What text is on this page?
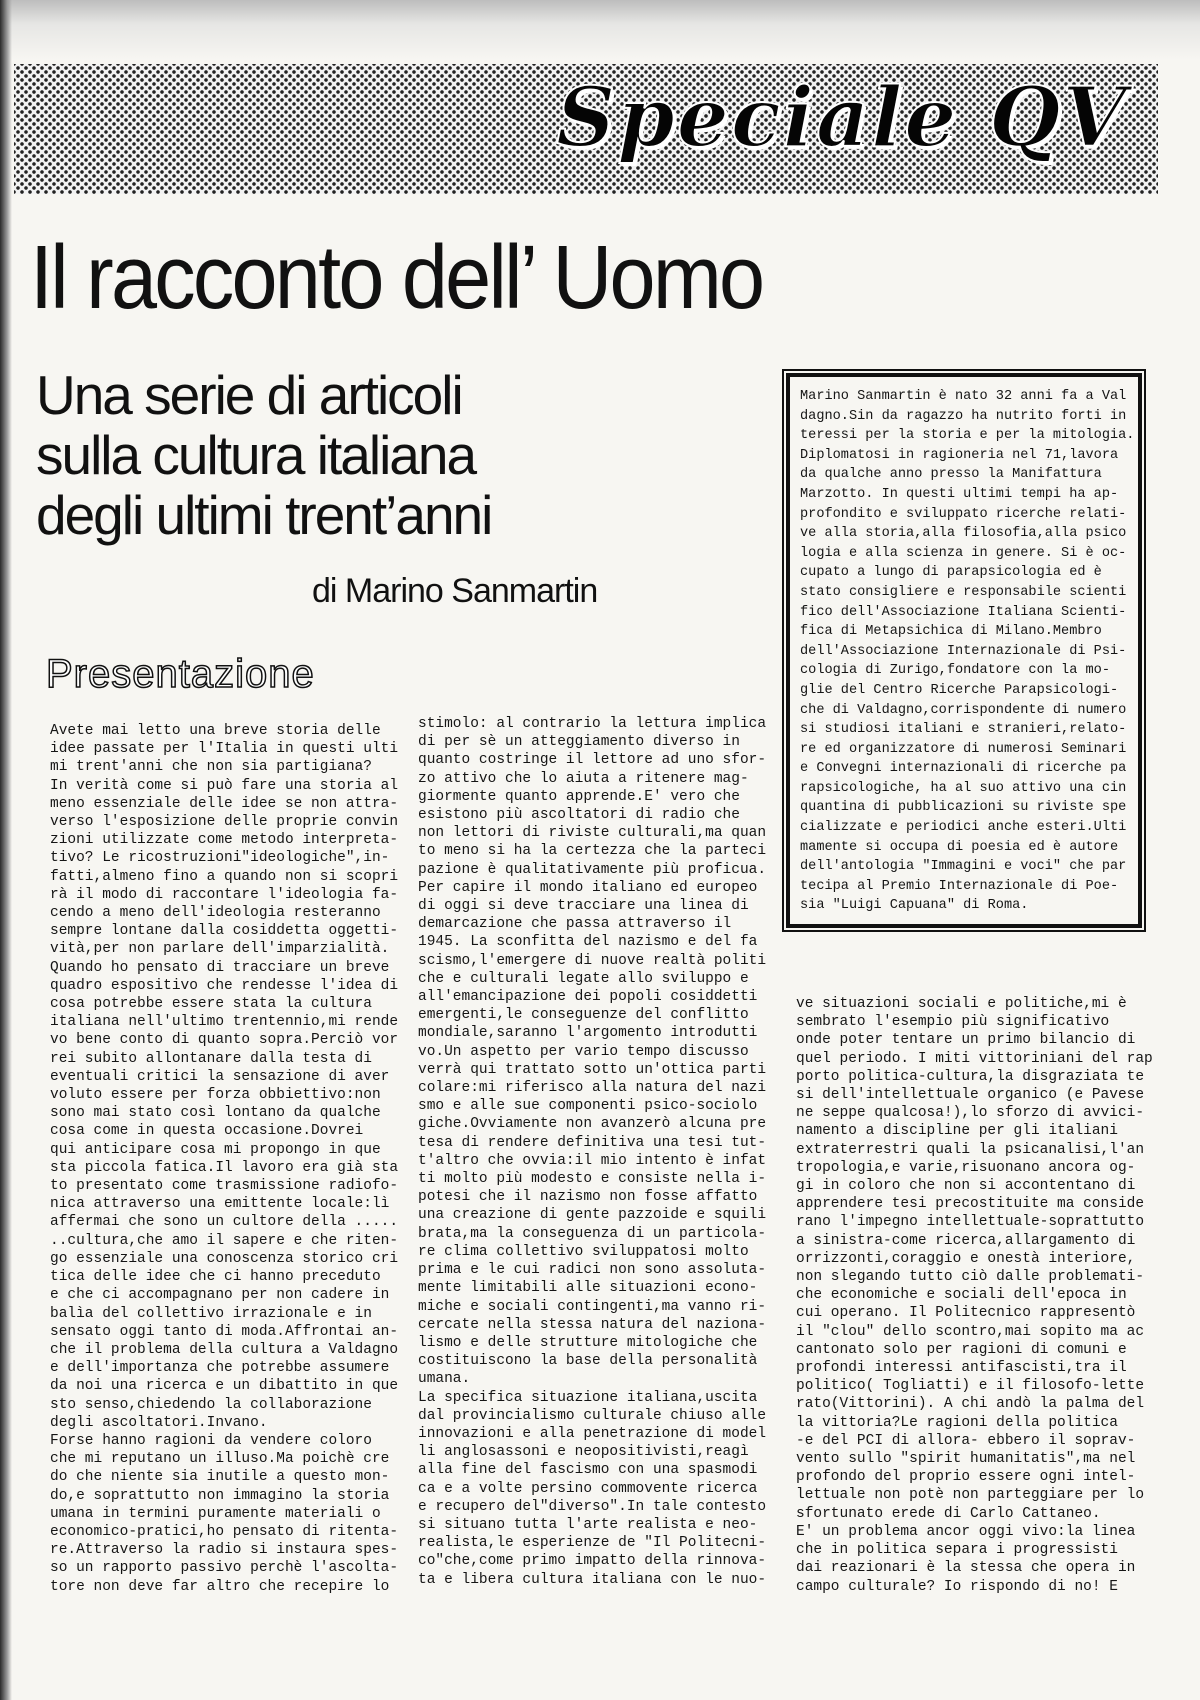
Speciale QV
Il racconto dell’ Uomo
Una serie di articoli
sulla cultura italiana
degli ultimi trent’anni
di Marino Sanmartin
Presentazione

Avete mai letto una breve storia delle
idee passate per l'Italia in questi ulti
mi trent'anni che non sia partigiana?
In verità come si può fare una storia al
meno essenziale delle idee se non attra-
verso l'esposizione delle proprie convin
zioni utilizzate come metodo interpreta-
tivo? Le ricostruzioni"ideologiche",in-
fatti,almeno fino a quando non si scopri
rà il modo di raccontare l'ideologia fa-
cendo a meno dell'ideologia resteranno
sempre lontane dalla cosiddetta oggetti-
vità,per non parlare dell'imparzialità.
Quando ho pensato di tracciare un breve
quadro espositivo che rendesse l'idea di
cosa potrebbe essere stata la cultura
italiana nell'ultimo trentennio,mi rende
vo bene conto di quanto sopra.Perciò vor
rei subito allontanare dalla testa di
eventuali critici la sensazione di aver
voluto essere per forza obbiettivo:non
sono mai stato così lontano da qualche
cosa come in questa occasione.Dovrei
qui anticipare cosa mi propongo in que
sta piccola fatica.Il lavoro era già sta
to presentato come trasmissione radiofo-
nica attraverso una emittente locale:lì
affermai che sono un cultore della .....
..cultura,che amo il sapere e che riten-
go essenziale una conoscenza storico cri
tica delle idee che ci hanno preceduto
e che ci accompagnano per non cadere in
balìa del collettivo irrazionale e in
sensato oggi tanto di moda.Affrontai an-
che il problema della cultura a Valdagno
e dell'importanza che potrebbe assumere
da noi una ricerca e un dibattito in que
sto senso,chiedendo la collaborazione
degli ascoltatori.Invano.
Forse hanno ragioni da vendere coloro
che mi reputano un illuso.Ma poichè cre
do che niente sia inutile a questo mon-
do,e soprattutto non immagino la storia
umana in termini puramente materiali o
economico-pratici,ho pensato di ritenta-
re.Attraverso la radio si instaura spes-
so un rapporto passivo perchè l'ascolta-
tore non deve far altro che recepire lo

stimolo: al contrario la lettura implica
di per sè un atteggiamento diverso in
quanto costringe il lettore ad uno sfor-
zo attivo che lo aiuta a ritenere mag-
giormente quanto apprende.E' vero che
esistono più ascoltatori di radio che
non lettori di riviste culturali,ma quan
to meno si ha la certezza che la parteci
pazione è qualitativamente più proficua.
Per capire il mondo italiano ed europeo
di oggi si deve tracciare una linea di
demarcazione che passa attraverso il
1945. La sconfitta del nazismo e del fa
scismo,l'emergere di nuove realtà politi
che e culturali legate allo sviluppo e
all'emancipazione dei popoli cosiddetti
emergenti,le conseguenze del conflitto
mondiale,saranno l'argomento introdutti
vo.Un aspetto per vario tempo discusso
verrà qui trattato sotto un'ottica parti
colare:mi riferisco alla natura del nazi
smo e alle sue componenti psico-sociolo
giche.Ovviamente non avanzerò alcuna pre
tesa di rendere definitiva una tesi tut-
t'altro che ovvia:il mio intento è infat
ti molto più modesto e consiste nella i-
potesi che il nazismo non fosse affatto
una creazione di gente pazzoide e squili
brata,ma la conseguenza di un particola-
re clima collettivo sviluppatosi molto
prima e le cui radici non sono assoluta-
mente limitabili alle situazioni econo-
miche e sociali contingenti,ma vanno ri-
cercate nella stessa natura del naziona-
lismo e delle strutture mitologiche che
costituiscono la base della personalità
umana.
La specifica situazione italiana,uscita
dal provincialismo culturale chiuso alle
innovazioni e alla penetrazione di model
li anglosassoni e neopositivisti,reagì
alla fine del fascismo con una spasmodi
ca e a volte persino commovente ricerca
e recupero del"diverso".In tale contesto
si situano tutta l'arte realista e neo-
realista,le esperienze de "Il Politecni-
co"che,come primo impatto della rinnova-
ta e libera cultura italiana con le nuo-

ve situazioni sociali e politiche,mi è
sembrato l'esempio più significativo
onde poter tentare un primo bilancio di
quel periodo. I miti vittoriniani del rap
porto politica-cultura,la disgraziata te
si dell'intellettuale organico (e Pavese
ne seppe qualcosa!),lo sforzo di avvici-
namento a discipline per gli italiani
extraterrestri quali la psicanalisi,l'an
tropologia,e varie,risuonano ancora og-
gi in coloro che non si accontentano di
apprendere tesi precostituite ma conside
rano l'impegno intellettuale-soprattutto
a sinistra-come ricerca,allargamento di
orrizzonti,coraggio e onestà interiore,
non slegando tutto ciò dalle problemati-
che economiche e sociali dell'epoca in
cui operano. Il Politecnico rappresentò
il "clou" dello scontro,mai sopito ma ac
cantonato solo per ragioni di comuni e
profondi interessi antifascisti,tra il
politico( Togliatti) e il filosofo-lette
rato(Vittorini). A chi andò la palma del
la vittoria?Le ragioni della politica
-e del PCI di allora- ebbero il soprav-
vento sullo "spirit humanitatis",ma nel
profondo del proprio essere ogni intel-
lettuale non potè non parteggiare per lo
sfortunato erede di Carlo Cattaneo.
E' un problema ancor oggi vivo:la linea
che in politica separa i progressisti
dai reazionari è la stessa che opera in
campo culturale? Io rispondo di no! E

Marino Sanmartin è nato 32 anni fa a Val
dagno.Sin da ragazzo ha nutrito forti in
teressi per la storia e per la mitologia.
Diplomatosi in ragioneria nel 71,lavora
da qualche anno presso la Manifattura
Marzotto. In questi ultimi tempi ha ap-
profondito e sviluppato ricerche relati-
ve alla storia,alla filosofia,alla psico
logia e alla scienza in genere. Si è oc-
cupato a lungo di parapsicologia ed è
stato consigliere e responsabile scienti
fico dell'Associazione Italiana Scienti-
fica di Metapsichica di Milano.Membro
dell'Associazione Internazionale di Psi-
cologia di Zurigo,fondatore con la mo-
glie del Centro Ricerche Parapsicologi-
che di Valdagno,corrispondente di numero
si studiosi italiani e stranieri,relato-
re ed organizzatore di numerosi Seminari
e Convegni internazionali di ricerche pa
rapsicologiche, ha al suo attivo una cin
quantina di pubblicazioni su riviste spe
cializzate e periodici anche esteri.Ulti
mamente si occupa di poesia ed è autore
dell'antologia "Immagini e voci" che par
tecipa al Premio Internazionale di Poe-
sia "Luigi Capuana" di Roma.
